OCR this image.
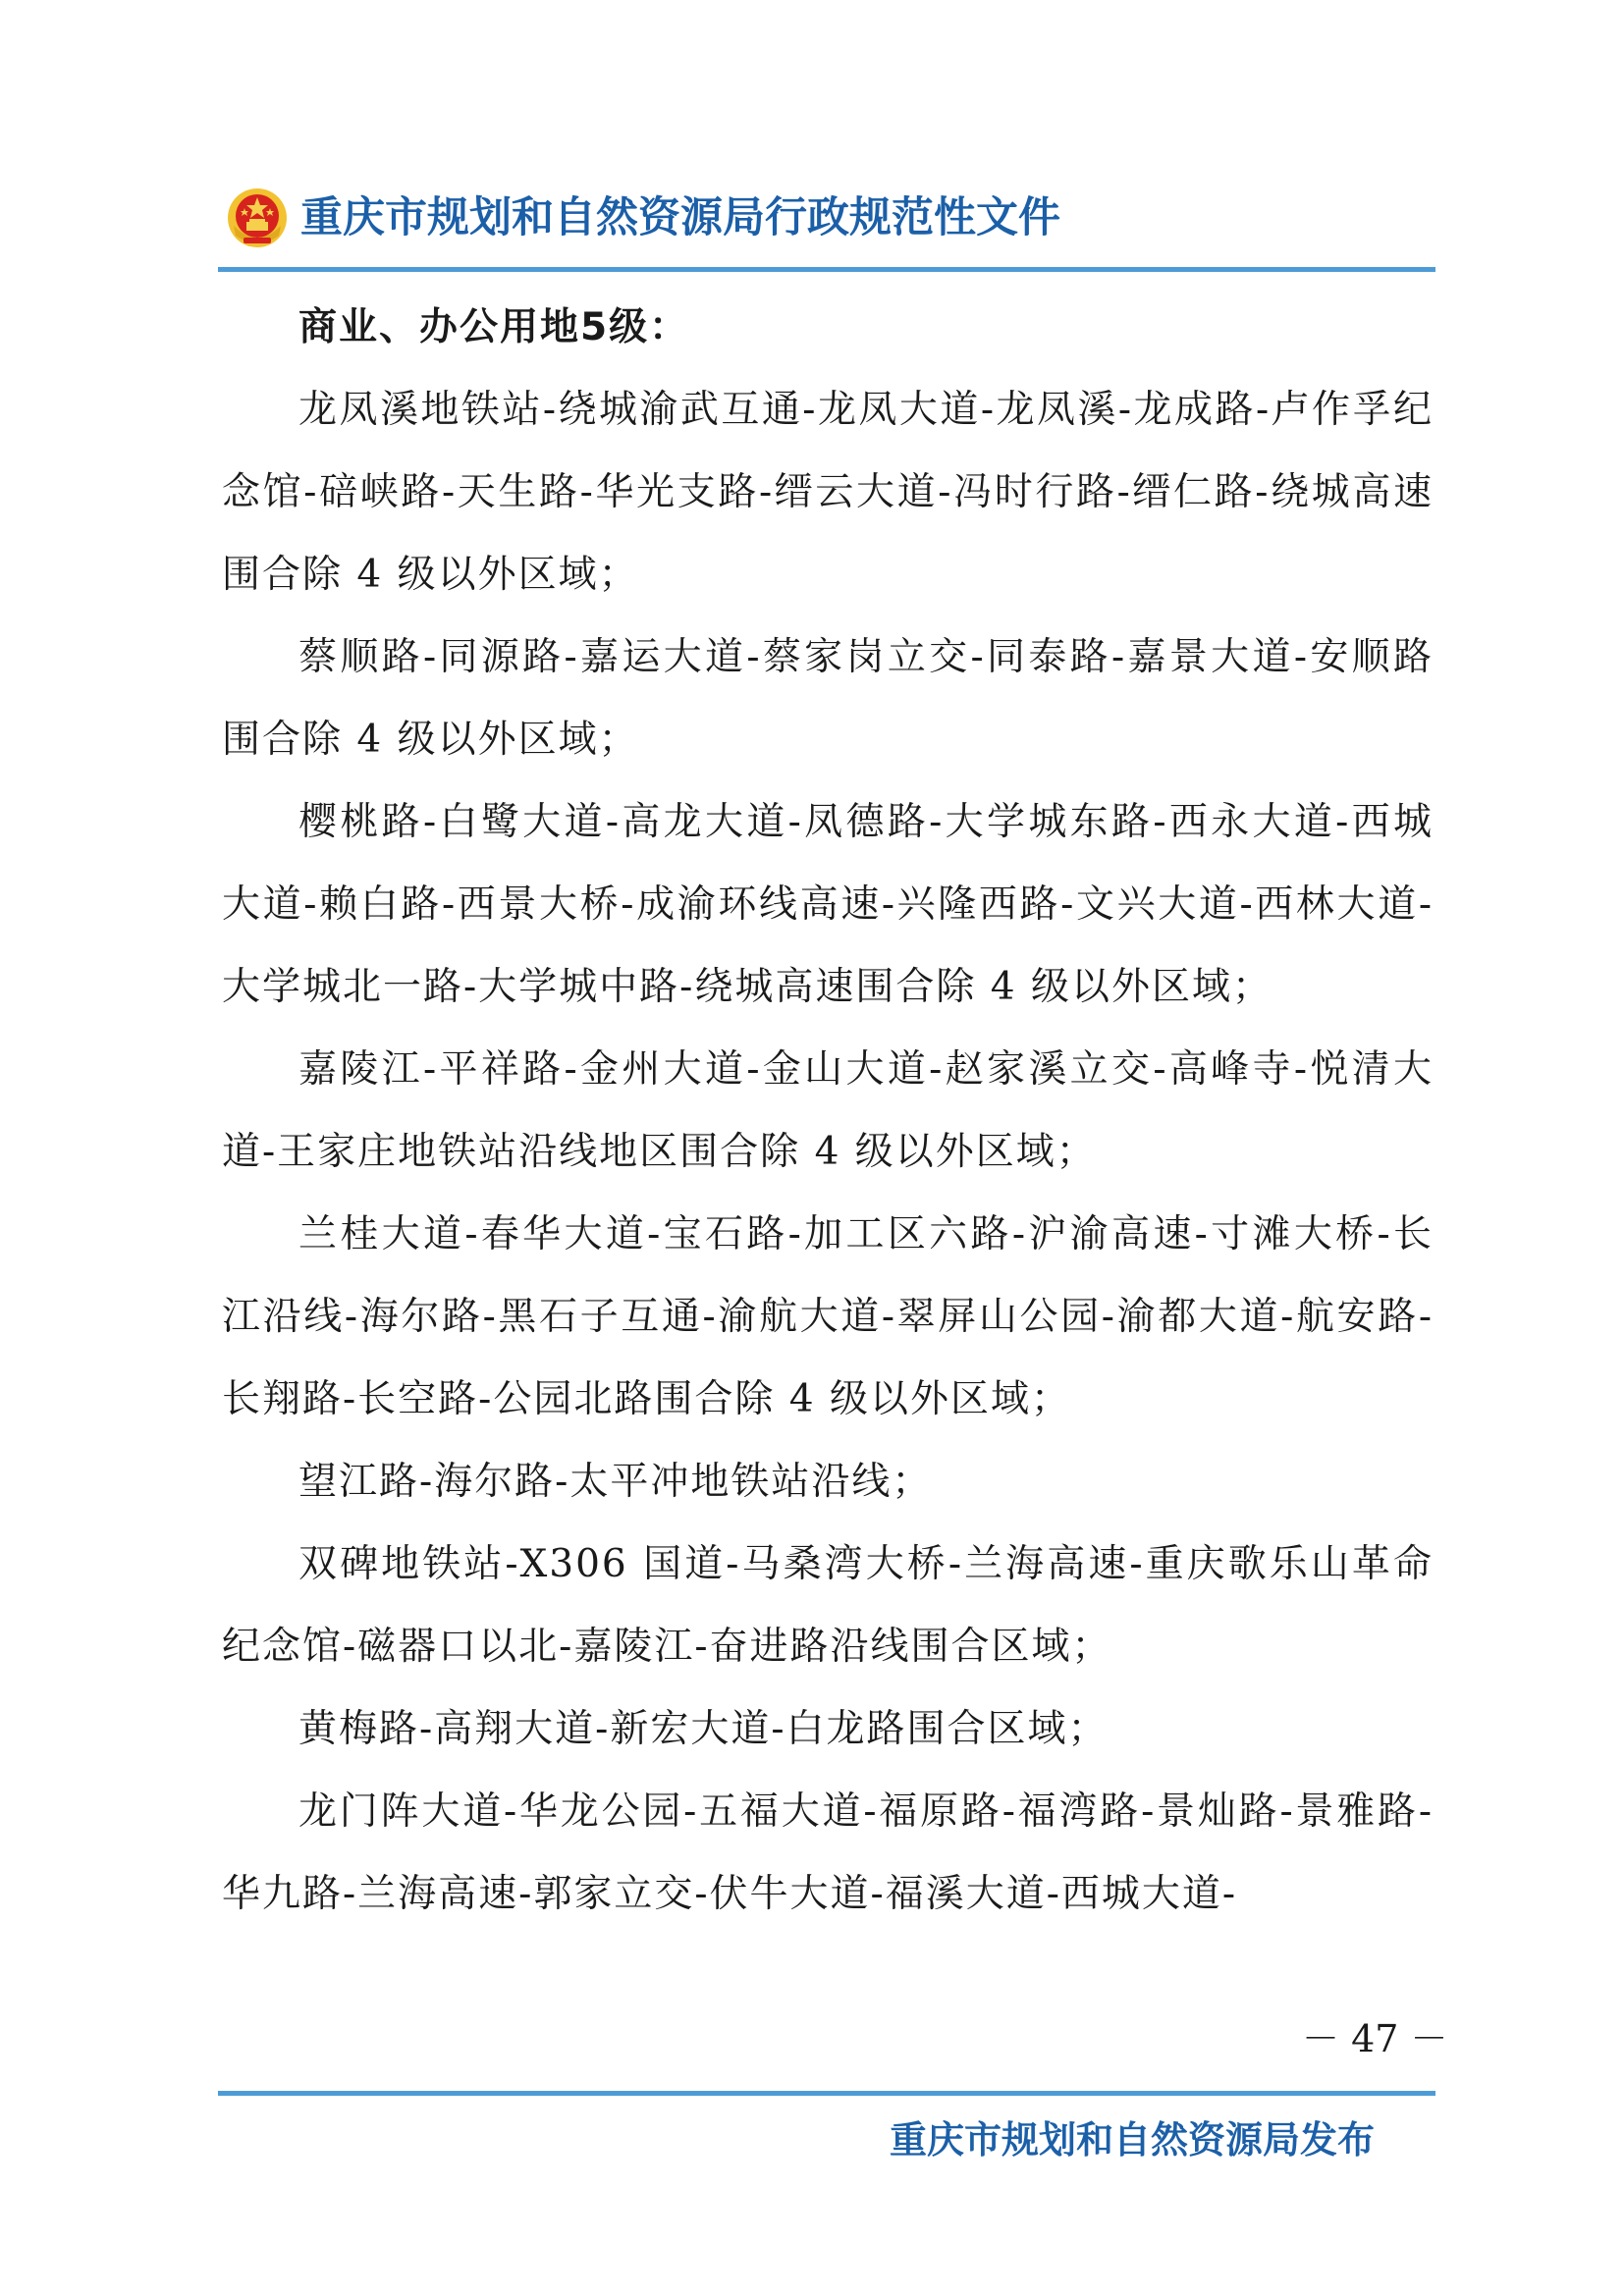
重庆市规划和自然资源局行政规范性文件

商业、办公用地5级：

龙凤溪地铁站-绕城渝武互通-龙凤大道-龙凤溪-龙成路-卢作孚纪念馆-碚峡路-天生路-华光支路-缙云大道-冯时行路-缙仁路-绕城高速围合除 4 级以外区域；

蔡顺路-同源路-嘉运大道-蔡家岗立交-同泰路-嘉景大道-安顺路围合除 4 级以外区域；

樱桃路-白鹭大道-高龙大道-凤德路-大学城东路-西永大道-西城大道-赖白路-西景大桥-成渝环线高速-兴隆西路-文兴大道-西林大道-大学城北一路-大学城中路-绕城高速围合除 4 级以外区域；

嘉陵江-平祥路-金州大道-金山大道-赵家溪立交-高峰寺-悦清大道-王家庄地铁站沿线地区围合除 4 级以外区域；

兰桂大道-春华大道-宝石路-加工区六路-沪渝高速-寸滩大桥-长江沿线-海尔路-黑石子互通-渝航大道-翠屏山公园-渝都大道-航安路-长翔路-长空路-公园北路围合除 4 级以外区域；

望江路-海尔路-太平冲地铁站沿线；

双碑地铁站-X306 国道-马桑湾大桥-兰海高速-重庆歌乐山革命纪念馆-磁器口以北-嘉陵江-奋进路沿线围合区域；

黄梅路-高翔大道-新宏大道-白龙路围合区域；

龙门阵大道-华龙公园-五福大道-福原路-福湾路-景灿路-景雅路-华九路-兰海高速-郭家立交-伏牛大道-福溪大道-西城大道-

－ 47 －
重庆市规划和自然资源局发布
